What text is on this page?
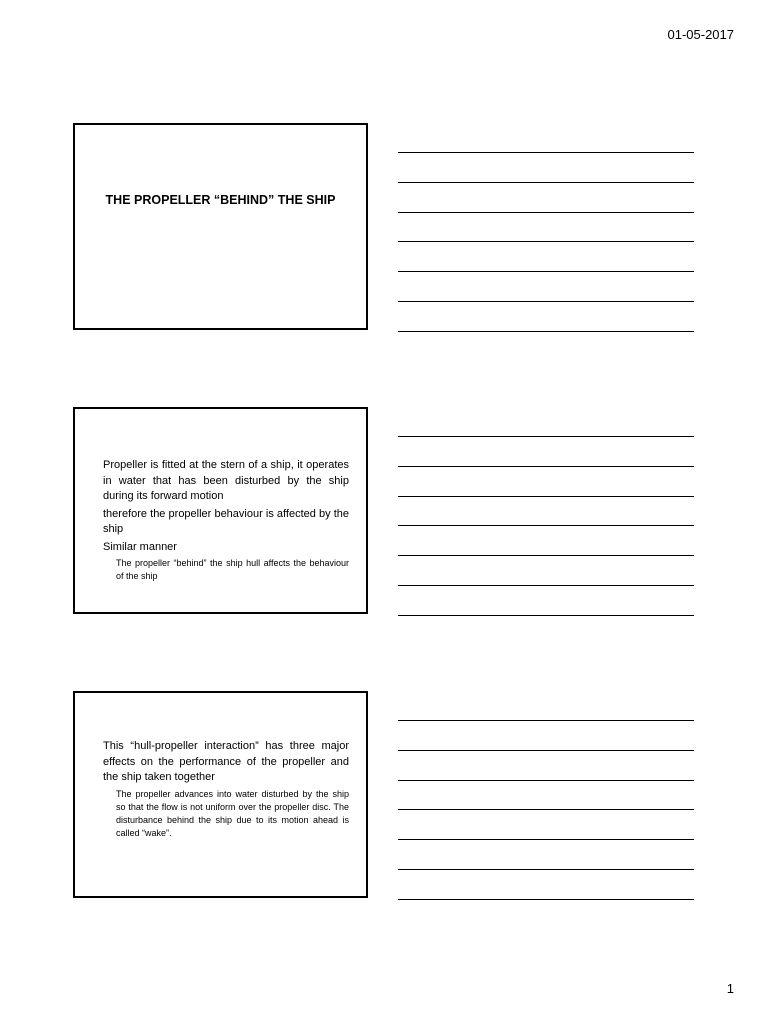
01-05-2017
THE PROPELLER “BEHIND” THE SHIP
Propeller is fitted at the stern of a ship, it operates in water that has been disturbed by the ship during its forward motion
therefore the propeller behaviour is affected by the ship
Similar manner
The propeller “behind” the ship hull affects the behaviour of the ship
This “hull-propeller interaction” has three major effects on the performance of the propeller and the ship taken together
The propeller advances into water disturbed by the ship so that the flow is not uniform over the propeller disc. The disturbance behind the ship due to its motion ahead is called “wake”.
1
